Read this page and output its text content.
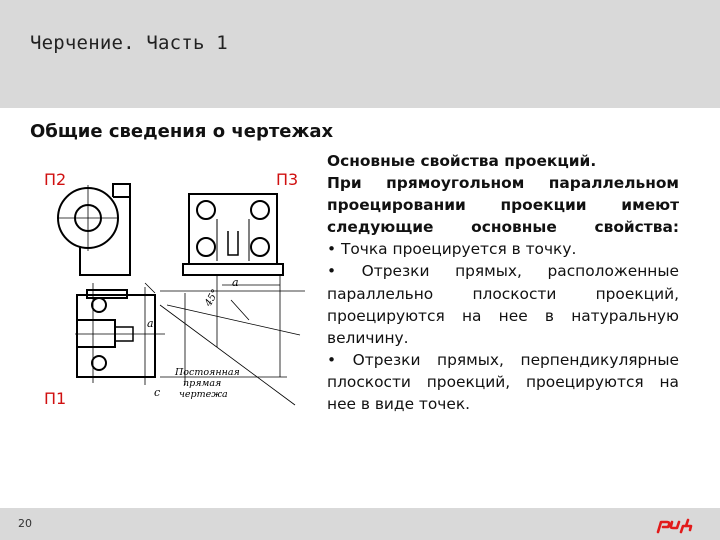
Черчение. Часть 1
Общие сведения о чертежах
П2	П3
П1
a
a
c
45°
Постоянная
прямая
чертежа

Основные свойства проекций.

При прямоугольном параллельном

проецировании проекции имеют

следующие основные свойства:

• Точка проецируется в точку.

• Отрезки прямых, расположенные параллельно плоскости проекций, проецируются на нее в натуральную величину.

• Отрезки прямых, перпендикулярные плоскости проекций, проецируются на нее в виде точек.

20
